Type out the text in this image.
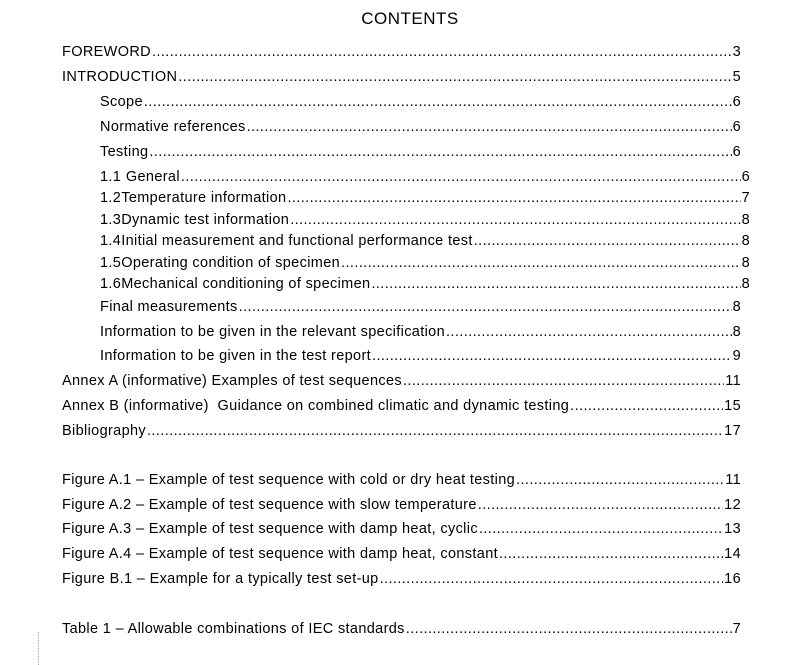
CONTENTS
FOREWORD .....	3
INTRODUCTION .....	5
Scope .....	6
Normative references .....	6
Testing .....	6
1.1 General .....	6
1.2 Temperature information .....	7
1.3 Dynamic test information .....	8
1.4 Initial measurement and functional performance test .....	8
1.5 Operating condition of specimen .....	8
1.6 Mechanical conditioning of specimen .....	8
Final measurements .....	8
Information to be given in the relevant specification .....	8
Information to be given in the test report .....	9
Annex A (informative) Examples of test sequences .....	11
Annex B (informative)  Guidance on combined climatic and dynamic testing .....	15
Bibliography .....	17
Figure A.1 – Example of test sequence with cold or dry heat testing .....	11
Figure A.2 – Example of test sequence with slow temperature .....	12
Figure A.3 – Example of test sequence with damp heat, cyclic .....	13
Figure A.4 – Example of test sequence with damp heat, constant .....	14
Figure B.1 – Example for a typically test set-up .....	16
Table 1 – Allowable combinations of IEC standards .....	7
